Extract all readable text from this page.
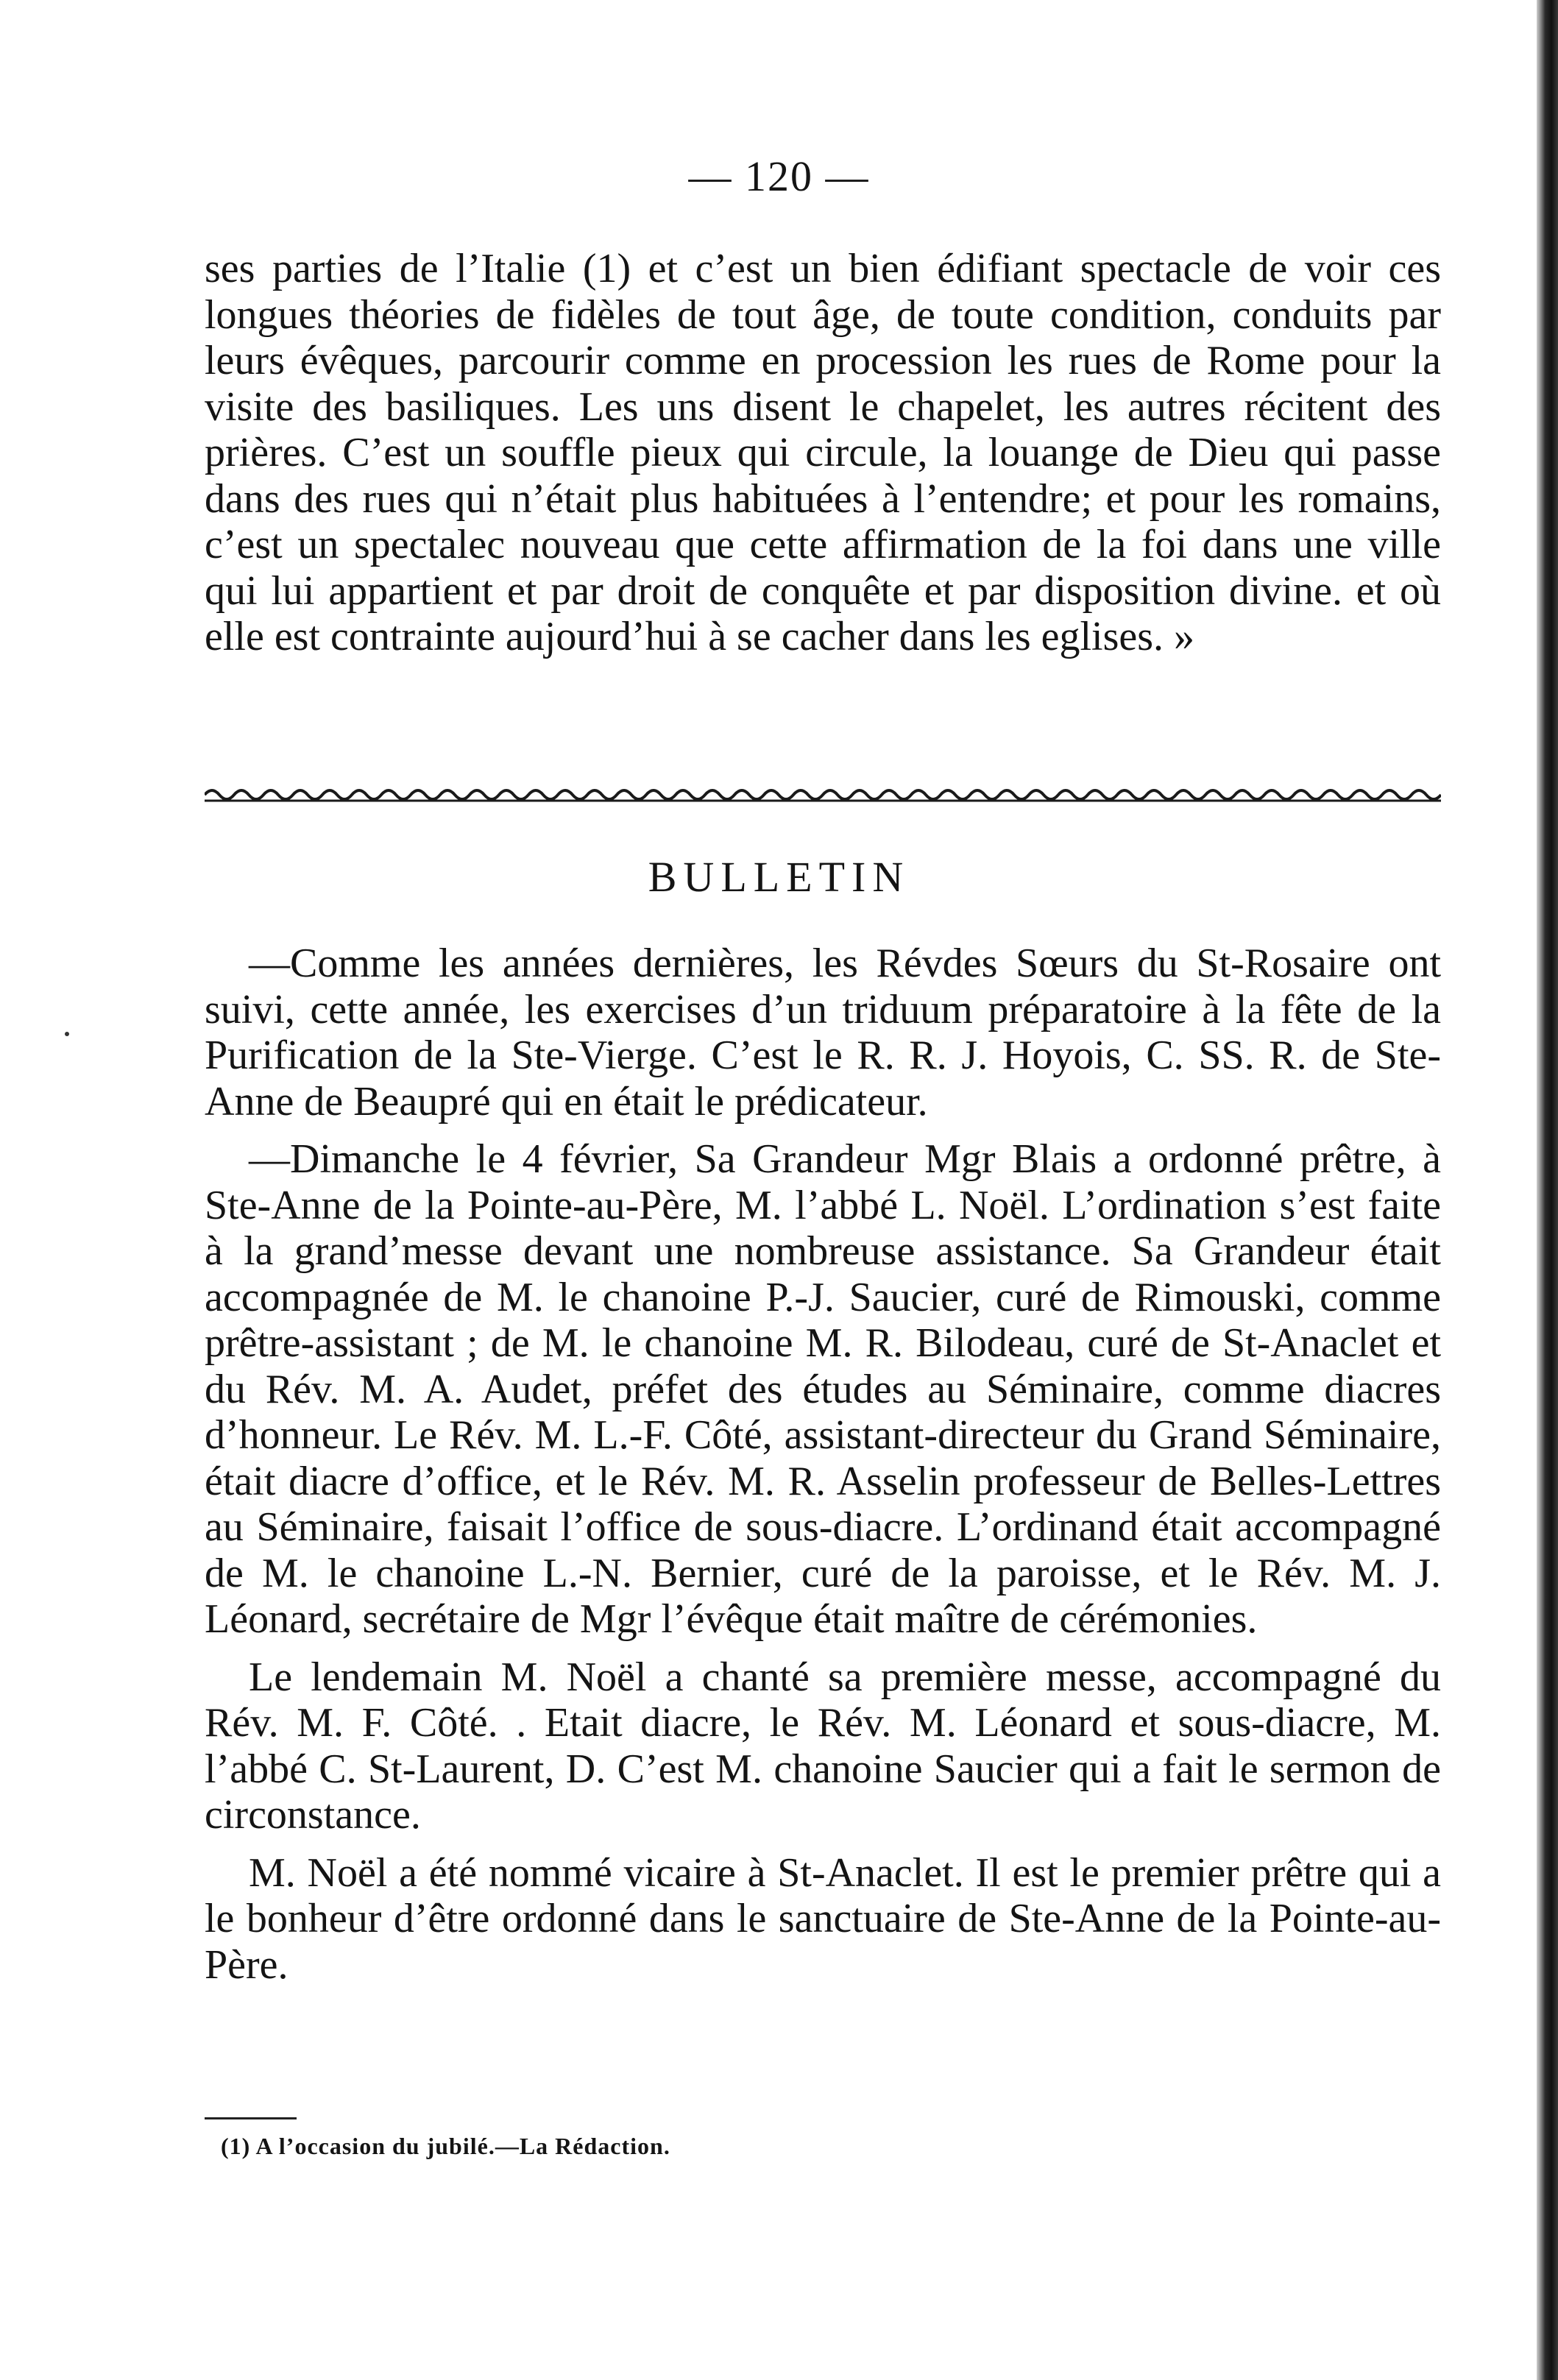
— 120 —

ses parties de l’Italie (1) et c’est un bien édifiant spectacle de voir ces longues théories de fidèles de tout âge, de toute condition, conduits par leurs évêques, parcourir comme en procession les rues de Rome pour la visite des basiliques. Les uns disent le chapelet, les autres récitent des prières. C’est un souffle pieux qui circule, la louange de Dieu qui passe dans des rues qui n’était plus habituées à l’entendre; et pour les romains, c’est un spectalec nouveau que cette affirmation de la foi dans une ville qui lui appartient et par droit de conquête et par disposition divine. et où elle est contrainte aujourd’hui à se cacher dans les eglises. »

BULLETIN

—Comme les années dernières, les Révdes Sœurs du St-Rosaire ont suivi, cette année, les exercises d’un triduum préparatoire à la fête de la Purification de la Ste-Vierge. C’est le R. R. J. Hoyois, C. SS. R. de Ste-Anne de Beaupré qui en était le prédicateur.

—Dimanche le 4 février, Sa Grandeur Mgr Blais a ordonné prêtre, à Ste-Anne de la Pointe-au-Père, M. l’abbé L. Noël. L’ordination s’est faite à la grand’messe devant une nombreuse assistance. Sa Grandeur était accompagnée de M. le chanoine P.-J. Saucier, curé de Rimouski, comme prêtre-assistant ; de M. le chanoine M. R. Bilodeau, curé de St-Anaclet et du Rév. M. A. Audet, préfet des études au Séminaire, comme diacres d’honneur. Le Rév. M. L.-F. Côté, assistant-directeur du Grand Séminaire, était diacre d’office, et le Rév. M. R. Asselin professeur de Belles-Lettres au Séminaire, faisait l’office de sous-diacre. L’ordinand était accompagné de M. le chanoine L.-N. Bernier, curé de la paroisse, et le Rév. M. J. Léonard, secrétaire de Mgr l’évêque était maître de cérémonies.

Le lendemain M. Noël a chanté sa première messe, accompagné du Rév. M. F. Côté. . Etait diacre, le Rév. M. Léonard et sous-diacre, M. l’abbé C. St-Laurent, D. C’est M. chanoine Saucier qui a fait le sermon de circonstance.

M. Noël a été nommé vicaire à St-Anaclet. Il est le premier prêtre qui a le bonheur d’être ordonné dans le sanctuaire de Ste-Anne de la Pointe-au-Père.

(1) A l’occasion du jubilé.—La Rédaction.
